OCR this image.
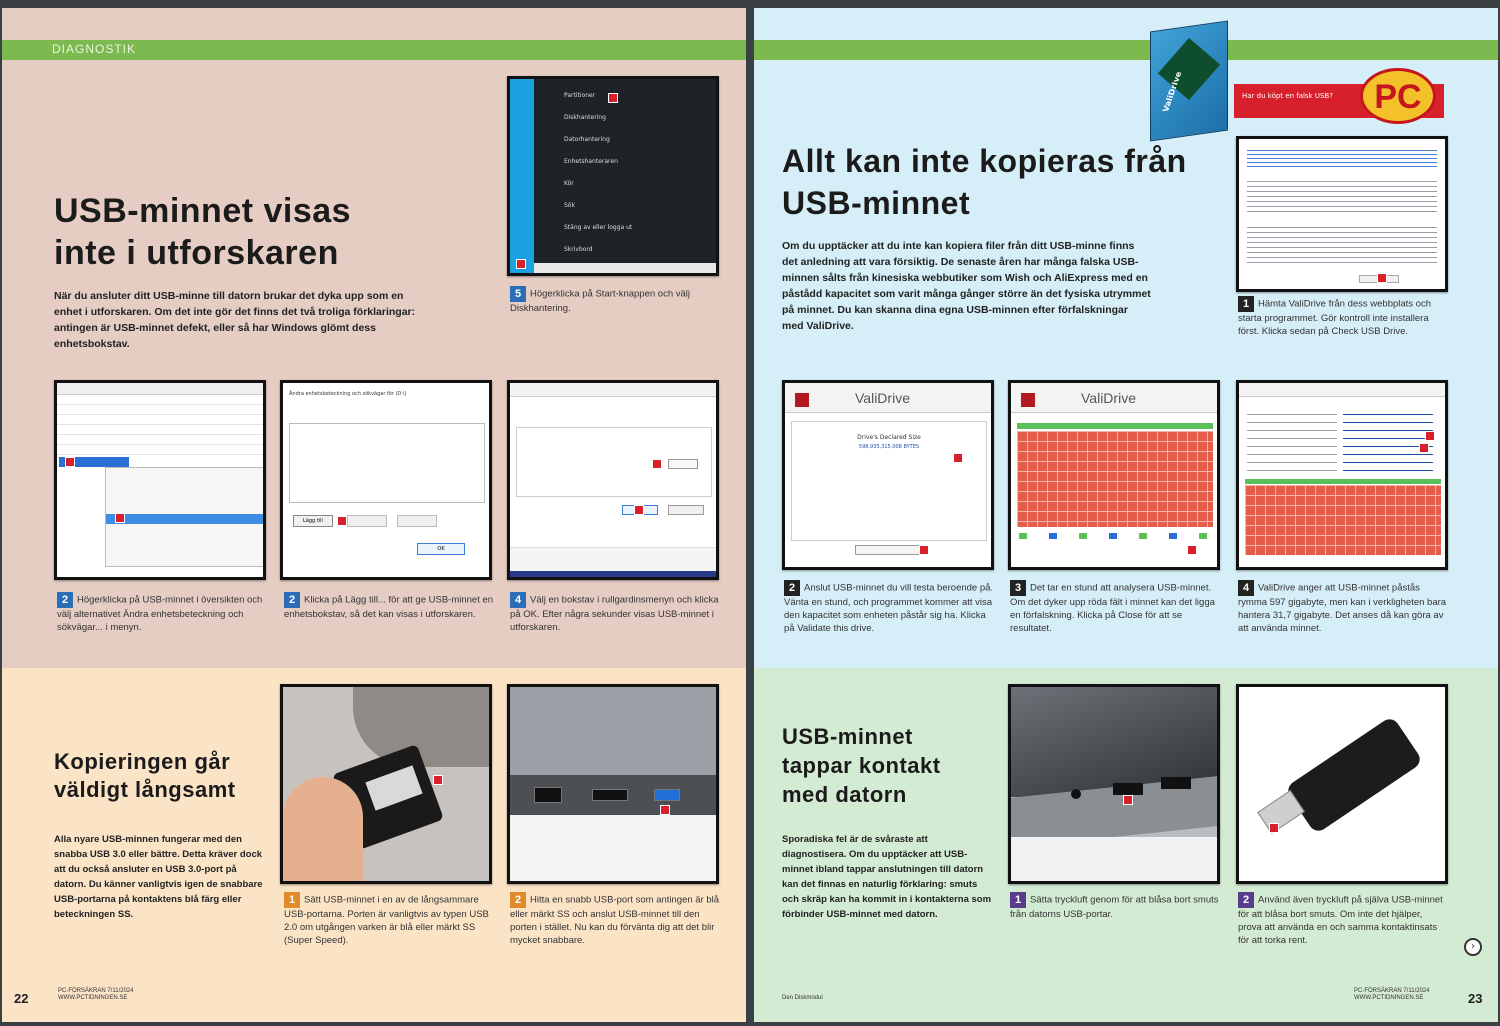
DIAGNOSTIK
USB-minnet visas inte i utforskaren
När du ansluter ditt USB-minne till datorn brukar det dyka upp som en enhet i utforskaren. Om det inte gör det finns det två troliga förklaringar: antingen är USB-minnet defekt, eller så har Windows glömt dess enhetsbokstav.
Partitioner
Diskhantering
Datorhantering
Enhetshanteraren
Kör
Sök
Stäng av eller logga ut
Skrivbord
5 Högerklicka på Start-knappen och välj Diskhantering.
2 Högerklicka på USB-minnet i översikten och välj alternativet Ändra enhetsbeteckning och sökvägar... i menyn.
Ändra enhetsbeteckning och sökvägar för (D:\)
Lägg till
OK
2 Klicka på Lägg till... för att ge USB-minnet en enhetsbokstav, så det kan visas i utforskaren.
4 Välj en bokstav i rullgardinsmenyn och klicka på OK. Efter några sekunder visas USB-minnet i utforskaren.
Kopieringen går väldigt långsamt
Alla nyare USB-minnen fungerar med den snabba USB 3.0 eller bättre. Detta kräver dock att du också ansluter en USB 3.0-port på datorn. Du känner vanligtvis igen de snabbare USB-portarna på kontaktens blå färg eller beteckningen SS.
1 Sätt USB-minnet i en av de långsammare USB-portarna. Porten är vanligtvis av typen USB 2.0 om utgången varken är blå eller märkt SS (Super Speed).
2 Hitta en snabb USB-port som antingen är blå eller märkt SS och anslut USB-minnet till den porten i stället. Nu kan du förvänta dig att det blir mycket snabbare.
22	PC-FÖRSÄKRAN 7/11/2024 WWW.PCTIDNINGEN.SE
ValiDrive	Har du köpt en falsk USB?	PC
Allt kan inte kopieras från USB-minnet
Om du upptäcker att du inte kan kopiera filer från ditt USB-minne finns det anledning att vara försiktig. De senaste åren har många falska USB-minnen sålts från kinesiska webbutiker som Wish och AliExpress med en påstådd kapacitet som varit många gånger större än det fysiska utrymmet på minnet. Du kan skanna dina egna USB-minnen efter förfalskningar med ValiDrive.
1 Hämta ValiDrive från dess webbplats och starta programmet. Gör kontroll inte installera först. Klicka sedan på Check USB Drive.
ValiDrive
Drive's Declared Size
598,935,315,008 BYTES
2 Anslut USB-minnet du vill testa beroende på. Vänta en stund, och programmet kommer att visa den kapacitet som enheten påstår sig ha. Klicka på Validate this drive.
ValiDrive
3 Det tar en stund att analysera USB-minnet. Om det dyker upp röda fält i minnet kan det ligga en förfalskning. Klicka på Close för att se resultatet.
4 ValiDrive anger att USB-minnet påstås rymma 597 gigabyte, men kan i verkligheten bara hantera 31,7 gigabyte. Det anses då kan göra av att använda minnet.
USB-minnet tappar kontakt med datorn
Sporadiska fel är de svåraste att diagnostisera. Om du upptäcker att USB-minnet ibland tappar anslutningen till datorn kan det finnas en naturlig förklaring: smuts och skräp kan ha kommit in i kontakterna som förbinder USB-minnet med datorn.
1 Sätta tryckluft genom för att blåsa bort smuts från datorns USB-portar.
2 Använd även tryckluft på själva USB-minnet för att blåsa bort smuts. Om inte det hjälper, prova att använda en och samma kontaktinsats för att torka rent.
›
Den Diskmodul
PC-FÖRSÄKRAN 7/11/2024 WWW.PCTIDNINGEN.SE	23
